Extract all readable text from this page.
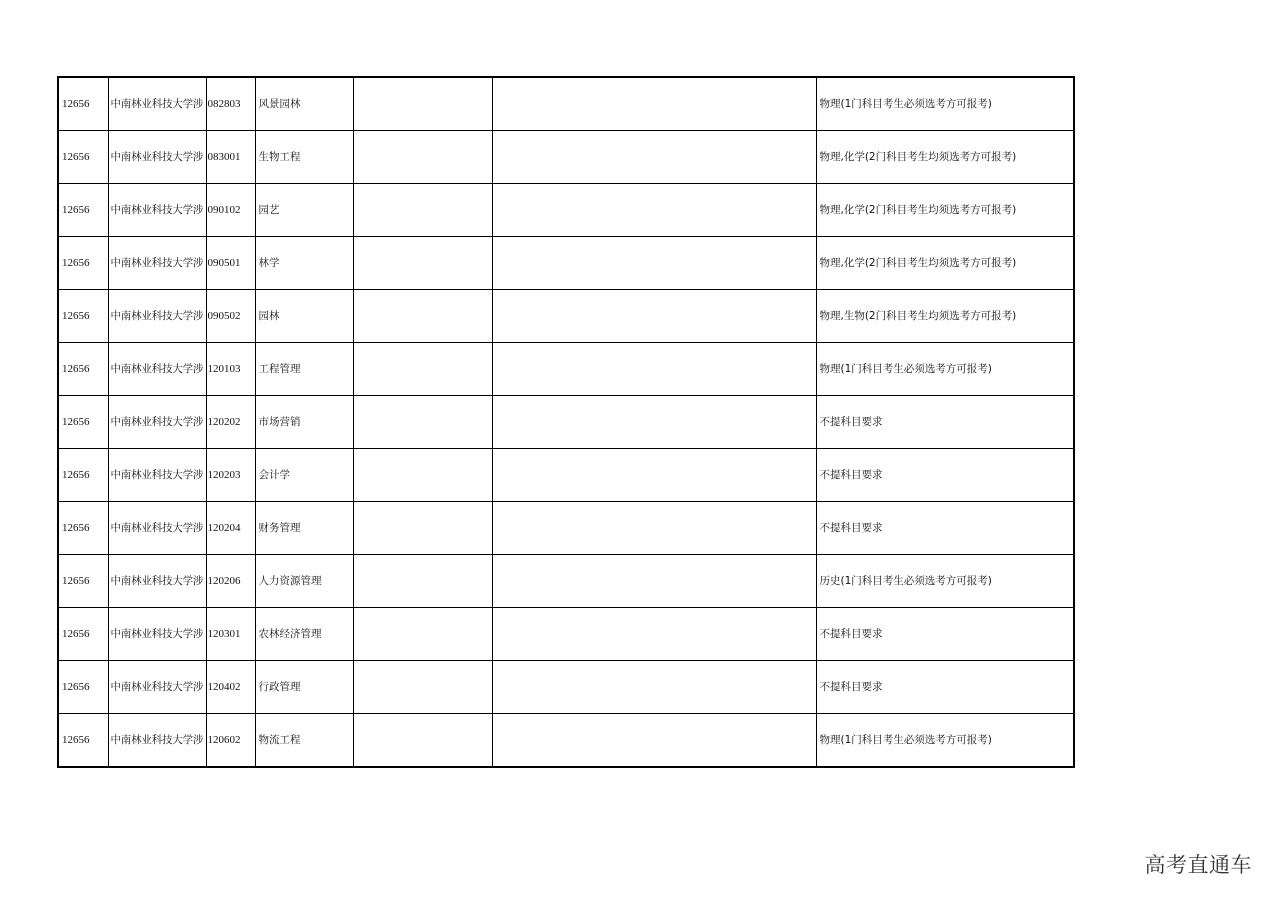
12656	中南林业科技大学涉	082803	风景园林			物理(1门科目考生必须选考方可报考)
12656	中南林业科技大学涉	083001	生物工程			物理,化学(2门科目考生均须选考方可报考)
12656	中南林业科技大学涉	090102	园艺			物理,化学(2门科目考生均须选考方可报考)
12656	中南林业科技大学涉	090501	林学			物理,化学(2门科目考生均须选考方可报考)
12656	中南林业科技大学涉	090502	园林			物理,生物(2门科目考生均须选考方可报考)
12656	中南林业科技大学涉	120103	工程管理			物理(1门科目考生必须选考方可报考)
12656	中南林业科技大学涉	120202	市场营销			不提科目要求
12656	中南林业科技大学涉	120203	会计学			不提科目要求
12656	中南林业科技大学涉	120204	财务管理			不提科目要求
12656	中南林业科技大学涉	120206	人力资源管理			历史(1门科目考生必须选考方可报考)
12656	中南林业科技大学涉	120301	农林经济管理			不提科目要求
12656	中南林业科技大学涉	120402	行政管理			不提科目要求
12656	中南林业科技大学涉	120602	物流工程			物理(1门科目考生必须选考方可报考)
高考直通车
